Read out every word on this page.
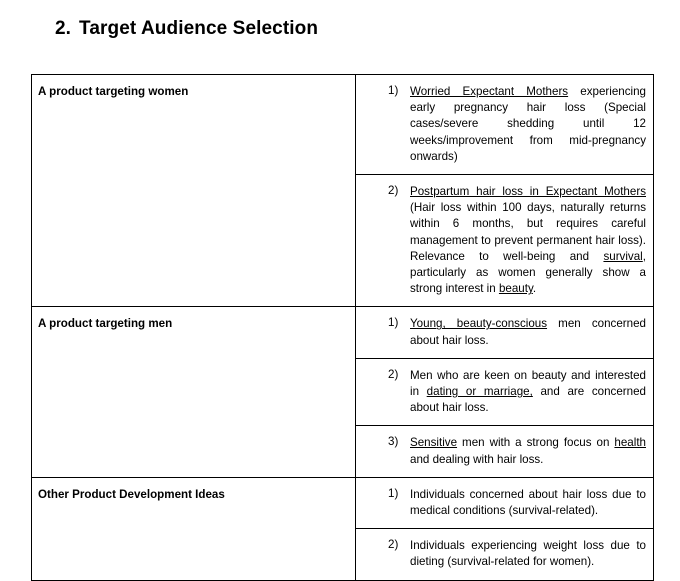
2. Target Audience Selection
A product targeting women	1) Worried Expectant Mothers experiencing early pregnancy hair loss (Special cases/severe shedding until 12 weeks/improvement from mid-pregnancy onwards)

	2) Postpartum hair loss in Expectant Mothers (Hair loss within 100 days, naturally returns within 6 months, but requires careful management to prevent permanent hair loss). Relevance to well-being and survival, particularly as women generally show a strong interest in beauty.

A product targeting men	1) Young, beauty-conscious men concerned about hair loss.

	2) Men who are keen on beauty and interested in dating or marriage, and are concerned about hair loss.

	3) Sensitive men with a strong focus on health and dealing with hair loss.

Other Product Development Ideas	1) Individuals concerned about hair loss due to medical conditions (survival-related).

	2) Individuals experiencing weight loss due to dieting (survival-related for women).
